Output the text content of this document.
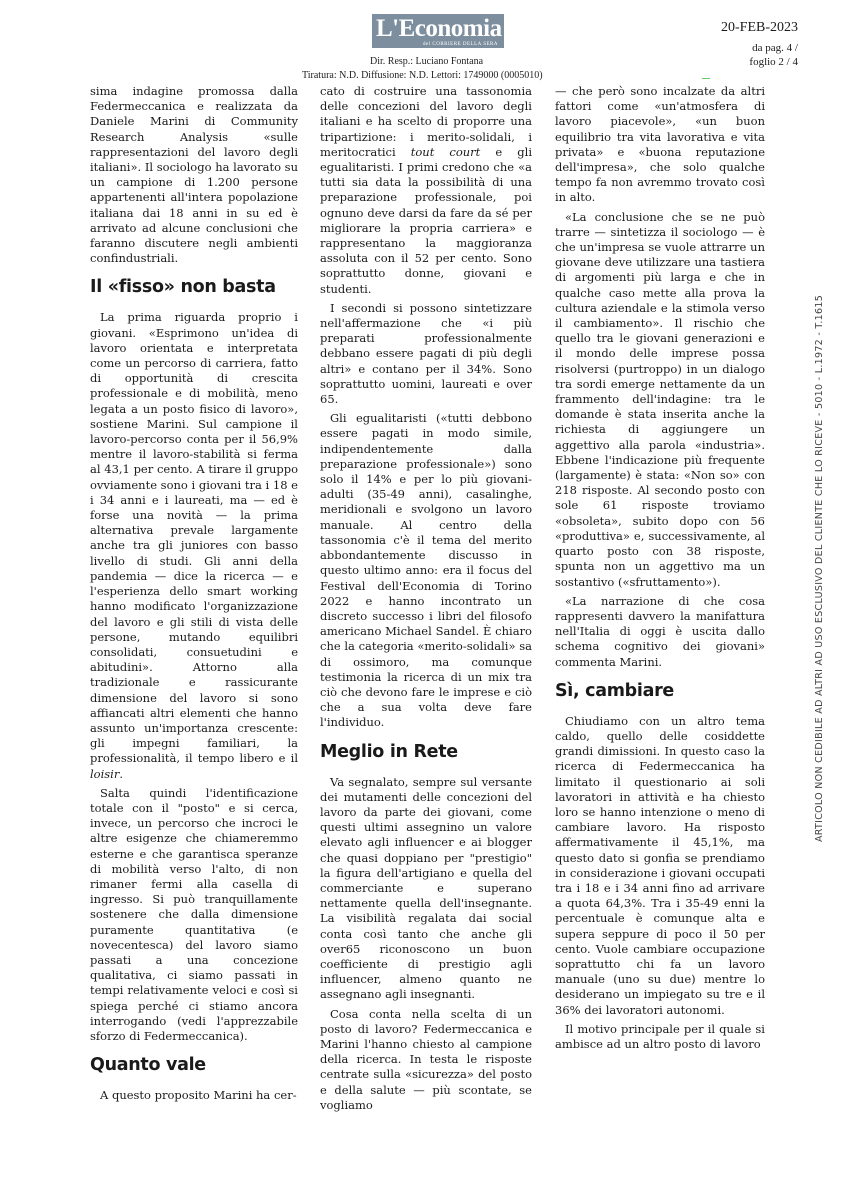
L'Economia
del CORRIERE DELLA SERA
Dir. Resp.: Luciano Fontana
Tiratura: N.D. Diffusione: N.D. Lettori: 1749000 (0005010)
20-FEB-2023
da pag. 4 /
foglio 2 / 4
ARTICOLO NON CEDIBILE AD ALTRI AD USO ESCLUSIVO DEL CLIENTE CHE LO RICEVE - 5010 - L.1972 - T.1615

sima indagine promossa dalla Federmeccanica e realizzata da Daniele Marini di Community Research Analysis «sulle rappresentazioni del lavoro degli italiani». Il sociologo ha lavorato su un campione di 1.200 persone appartenenti all'intera popolazione italiana dai 18 anni in su ed è arrivato ad alcune conclusioni che faranno discutere negli ambienti confindustriali.

Il «fisso» non basta

La prima riguarda proprio i giovani. «Esprimono un'idea di lavoro orientata e interpretata come un percorso di carriera, fatto di opportunità di crescita professionale e di mobilità, meno legata a un posto fisico di lavoro», sostiene Marini. Sul campione il lavoro-percorso conta per il 56,9% mentre il lavoro-stabilità si ferma al 43,1 per cento. A tirare il gruppo ovviamente sono i giovani tra i 18 e i 34 anni e i laureati, ma — ed è forse una novità — la prima alternativa prevale largamente anche tra gli juniores con basso livello di studi. Gli anni della pandemia — dice la ricerca — e l'esperienza dello smart working hanno modificato l'organizzazione del lavoro e gli stili di vista delle persone, mutando equilibri consolidati, consuetudini e abitudini». Attorno alla tradizionale e rassicurante dimensione del lavoro si sono affiancati altri elementi che hanno assunto un'importanza crescente: gli impegni familiari, la professionalità, il tempo libero e il loisir.

Salta quindi l'identificazione totale con il "posto" e si cerca, invece, un percorso che incroci le altre esigenze che chiameremmo esterne e che garantisca speranze di mobilità verso l'alto, di non rimaner fermi alla casella di ingresso. Si può tranquillamente sostenere che dalla dimensione puramente quantitativa (e novecentesca) del lavoro siamo passati a una concezione qualitativa, ci siamo passati in tempi relativamente veloci e così si spiega perché ci stiamo ancora interrogando (vedi l'apprezzabile sforzo di Federmeccanica).

Quanto vale

A questo proposito Marini ha cer-

cato di costruire una tassonomia delle concezioni del lavoro degli italiani e ha scelto di proporre una tripartizione: i merito-solidali, i meritocratici tout court e gli egualitaristi. I primi credono che «a tutti sia data la possibilità di una preparazione professionale, poi ognuno deve darsi da fare da sé per migliorare la propria carriera» e rappresentano la maggioranza assoluta con il 52 per cento. Sono soprattutto donne, giovani e studenti.

I secondi si possono sintetizzare nell'affermazione che «i più preparati professionalmente debbano essere pagati di più degli altri» e contano per il 34%. Sono soprattutto uomini, laureati e over 65.

Gli egualitaristi («tutti debbono essere pagati in modo simile, indipendentemente dalla preparazione professionale») sono solo il 14% e per lo più giovani-adulti (35-49 anni), casalinghe, meridionali e svolgono un lavoro manuale. Al centro della tassonomia c'è il tema del merito abbondantemente discusso in questo ultimo anno: era il focus del Festival dell'Economia di Torino 2022 e hanno incontrato un discreto successo i libri del filosofo americano Michael Sandel. È chiaro che la categoria «merito-solidali» sa di ossimoro, ma comunque testimonia la ricerca di un mix tra ciò che devono fare le imprese e ciò che a sua volta deve fare l'individuo.

Meglio in Rete

Va segnalato, sempre sul versante dei mutamenti delle concezioni del lavoro da parte dei giovani, come questi ultimi assegnino un valore elevato agli influencer e ai blogger che quasi doppiano per "prestigio" la figura dell'artigiano e quella del commerciante e superano nettamente quella dell'insegnante. La visibilità regalata dai social conta così tanto che anche gli over65 riconoscono un buon coefficiente di prestigio agli influencer, almeno quanto ne assegnano agli insegnanti.

Cosa conta nella scelta di un posto di lavoro? Federmeccanica e Marini l'hanno chiesto al campione della ricerca. In testa le risposte centrate sulla «sicurezza» del posto e della salute — più scontate, se vogliamo

— che però sono incalzate da altri fattori come «un'atmosfera di lavoro piacevole», «un buon equilibrio tra vita lavorativa e vita privata» e «buona reputazione dell'impresa», che solo qualche tempo fa non avremmo trovato così in alto.

«La conclusione che se ne può trarre — sintetizza il sociologo — è che un'impresa se vuole attrarre un giovane deve utilizzare una tastiera di argomenti più larga e che in qualche caso mette alla prova la cultura aziendale e la stimola verso il cambiamento». Il rischio che quello tra le giovani generazioni e il mondo delle imprese possa risolversi (purtroppo) in un dialogo tra sordi emerge nettamente da un frammento dell'indagine: tra le domande è stata inserita anche la richiesta di aggiungere un aggettivo alla parola «industria». Ebbene l'indicazione più frequente (largamente) è stata: «Non so» con 218 risposte. Al secondo posto con sole 61 risposte troviamo «obsoleta», subito dopo con 56 «produttiva» e, successivamente, al quarto posto con 38 risposte, spunta non un aggettivo ma un sostantivo («sfruttamento»).

«La narrazione di che cosa rappresenti davvero la manifattura nell'Italia di oggi è uscita dallo schema cognitivo dei giovani» commenta Marini.

Sì, cambiare

Chiudiamo con un altro tema caldo, quello delle cosiddette grandi dimissioni. In questo caso la ricerca di Federmeccanica ha limitato il questionario ai soli lavoratori in attività e ha chiesto loro se hanno intenzione o meno di cambiare lavoro. Ha risposto affermativamente il 45,1%, ma questo dato si gonfia se prendiamo in considerazione i giovani occupati tra i 18 e i 34 anni fino ad arrivare a quota 64,3%. Tra i 35-49 enni la percentuale è comunque alta e supera seppure di poco il 50 per cento. Vuole cambiare occupazione soprattutto chi fa un lavoro manuale (uno su due) mentre lo desiderano un impiegato su tre e il 36% dei lavoratori autonomi.

Il motivo principale per il quale si ambisce ad un altro posto di lavoro
